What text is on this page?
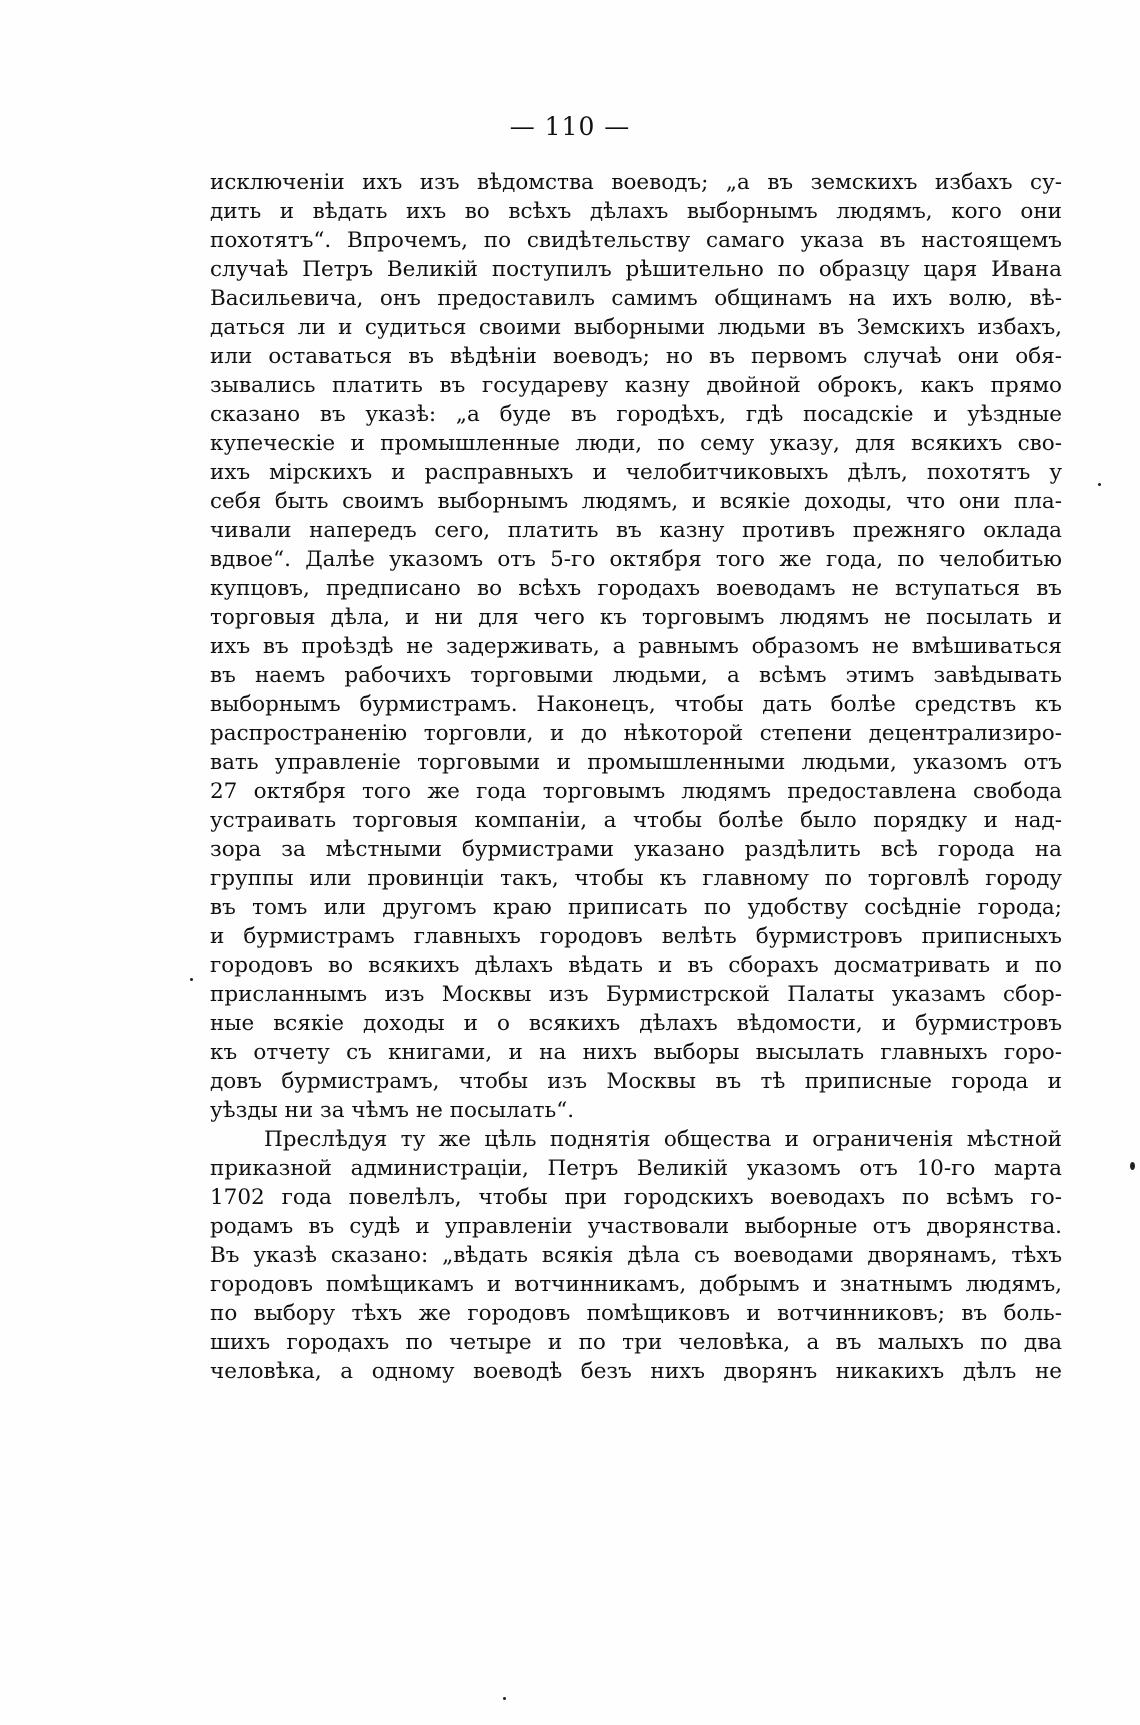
— 110 —
исключенiи ихъ изъ вѣдомства воеводъ; „а въ земскихъ избахъ су-
дить и вѣдать ихъ во всѣхъ дѣлахъ выборнымъ людямъ, кого они
похотятъ“. Впрочемъ, по свидѣтельству самаго указа въ настоящемъ
случаѣ Петръ Великiй поступилъ рѣшительно по образцу царя Ивана
Васильевича, онъ предоставилъ самимъ общинамъ на ихъ волю, вѣ-
даться ли и судиться своими выборными людьми въ Земскихъ избахъ,
или оставаться въ вѣдѣнiи воеводъ; но въ первомъ случаѣ они обя-
зывались платить въ государеву казну двойной оброкъ, какъ прямо
сказано въ указѣ: „а буде въ городѣхъ, гдѣ посадскiе и уѣздные
купеческiе и промышленные люди, по сему указу, для всякихъ сво-
ихъ мiрскихъ и расправныхъ и челобитчиковыхъ дѣлъ, похотятъ у
себя быть своимъ выборнымъ людямъ, и всякiе доходы, что они пла-
чивали напередъ сего, платить въ казну противъ прежняго оклада
вдвое“. Далѣе указомъ отъ 5-го октября того же года, по челобитью
купцовъ, предписано во всѣхъ городахъ воеводамъ не вступаться въ
торговыя дѣла, и ни для чего къ торговымъ людямъ не посылать и
ихъ въ проѣздѣ не задерживать, а равнымъ образомъ не вмѣшиваться
въ наемъ рабочихъ торговыми людьми, а всѣмъ этимъ завѣдывать
выборнымъ бурмистрамъ. Наконецъ, чтобы дать болѣе средствъ къ
распространенiю торговли, и до нѣкоторой степени децентрализиро-
вать управленiе торговыми и промышленными людьми, указомъ отъ
27 октября того же года торговымъ людямъ предоставлена свобода
устраивать торговыя компанiи, а чтобы болѣе было порядку и над-
зора за мѣстными бурмистрами указано раздѣлить всѣ города на
группы или провинцiи такъ, чтобы къ главному по торговлѣ городу
въ томъ или другомъ краю приписать по удобству сосѣднiе города;
и бурмистрамъ главныхъ городовъ велѣть бурмистровъ приписныхъ
городовъ во всякихъ дѣлахъ вѣдать и въ сборахъ досматривать и по
присланнымъ изъ Москвы изъ Бурмистрской Палаты указамъ сбор-
ные всякiе доходы и о всякихъ дѣлахъ вѣдомости, и бурмистровъ
къ отчету съ книгами, и на нихъ выборы высылать главныхъ горо-
довъ бурмистрамъ, чтобы изъ Москвы въ тѣ приписные города и
уѣзды ни за чѣмъ не посылать“.
Преслѣдуя ту же цѣль поднятiя общества и ограниченiя мѣстной
приказной администрацiи, Петръ Великiй указомъ отъ 10-го марта
1702 года повелѣлъ, чтобы при городскихъ воеводахъ по всѣмъ го-
родамъ въ судѣ и управленiи участвовали выборные отъ дворянства.
Въ указѣ сказано: „вѣдать всякiя дѣла съ воеводами дворянамъ, тѣхъ
городовъ помѣщикамъ и вотчинникамъ, добрымъ и знатнымъ людямъ,
по выбору тѣхъ же городовъ помѣщиковъ и вотчинниковъ; въ боль-
шихъ городахъ по четыре и по три человѣка, а въ малыхъ по два
человѣка, а одному воеводѣ безъ нихъ дворянъ никакихъ дѣлъ не
